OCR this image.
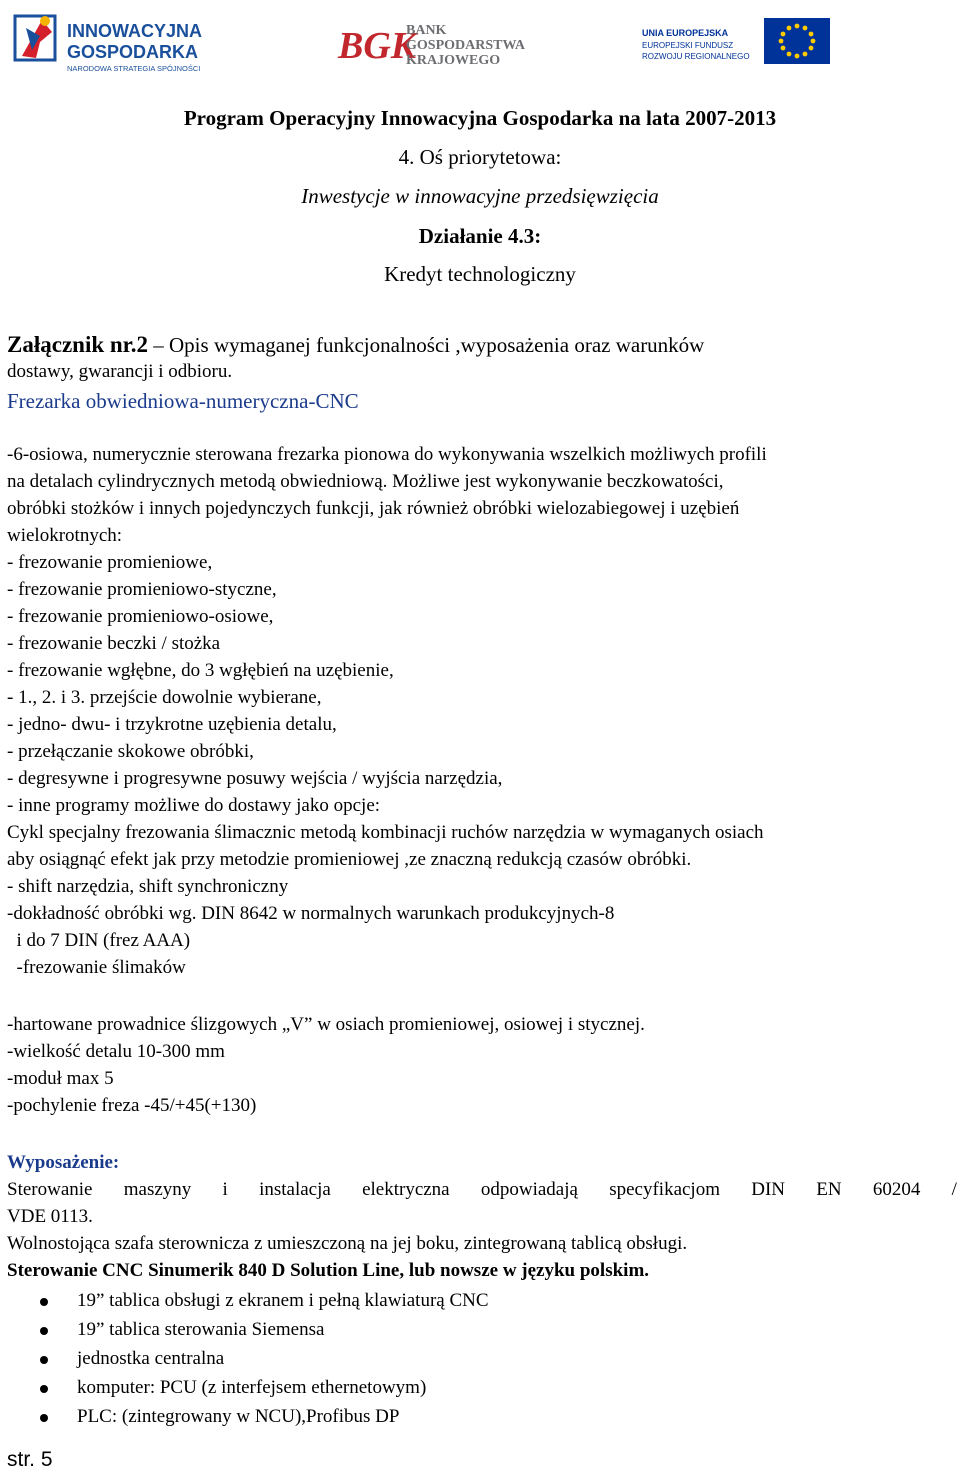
INNOWACYJNA
GOSPODARKA
NARODOWA STRATEGIA SPÓJNOŚCI
BGK
BANK
GOSPODARSTWA
KRAJOWEGO
UNIA EUROPEJSKA
EUROPEJSKI FUNDUSZ
ROZWOJU REGIONALNEGO
Program Operacyjny Innowacyjna Gospodarka na lata 2007-2013
4. Oś priorytetowa:
Inwestycje w innowacyjne przedsięwzięcia
Działanie 4.3:
Kredyt technologiczny
Załącznik nr.2 – Opis wymaganej funkcjonalności ,wyposażenia oraz warunków
dostawy, gwarancji i odbioru.
Frezarka obwiedniowa-numeryczna-CNC
-6-osiowa, numerycznie sterowana frezarka pionowa do wykonywania wszelkich możliwych profili
na detalach cylindrycznych metodą obwiedniową. Możliwe jest wykonywanie beczkowatości,
obróbki stożków i innych pojedynczych funkcji, jak również obróbki wielozabiegowej i uzębień
wielokrotnych:
- frezowanie promieniowe,
- frezowanie promieniowo-styczne,
- frezowanie promieniowo-osiowe,
- frezowanie beczki / stożka
- frezowanie wgłębne, do 3 wgłębień na uzębienie,
- 1., 2. i 3. przejście dowolnie wybierane,
- jedno- dwu- i trzykrotne uzębienia detalu,
- przełączanie skokowe obróbki,
- degresywne i progresywne posuwy wejścia / wyjścia narzędzia,
- inne programy możliwe do dostawy jako opcje:
Cykl specjalny frezowania ślimacznic metodą kombinacji ruchów narzędzia w wymaganych osiach
aby osiągnąć efekt jak przy metodzie promieniowej ,ze znaczną redukcją czasów obróbki.
- shift narzędzia, shift synchroniczny
-dokładność obróbki wg. DIN 8642 w normalnych warunkach produkcyjnych-8
i do 7 DIN (frez AAA)
-frezowanie ślimaków
-hartowane prowadnice ślizgowych „V” w osiach promieniowej, osiowej i stycznej.
-wielkość detalu 10-300 mm
-moduł max 5
-pochylenie freza -45/+45(+130)
Wyposażenie:
Sterowanie maszyny i instalacja elektryczna odpowiadają specyfikacjom DIN EN 60204 /
VDE 0113.
Wolnostojąca szafa sterownicza z umieszczoną na jej boku, zintegrowaną tablicą obsługi.
Sterowanie CNC Sinumerik 840 D Solution Line, lub nowsze w języku polskim.
19” tablica obsługi z ekranem i pełną klawiaturą CNC
19” tablica sterowania Siemensa
jednostka centralna
komputer: PCU (z interfejsem ethernetowym)
PLC: (zintegrowany w NCU),Profibus DP
str. 5
